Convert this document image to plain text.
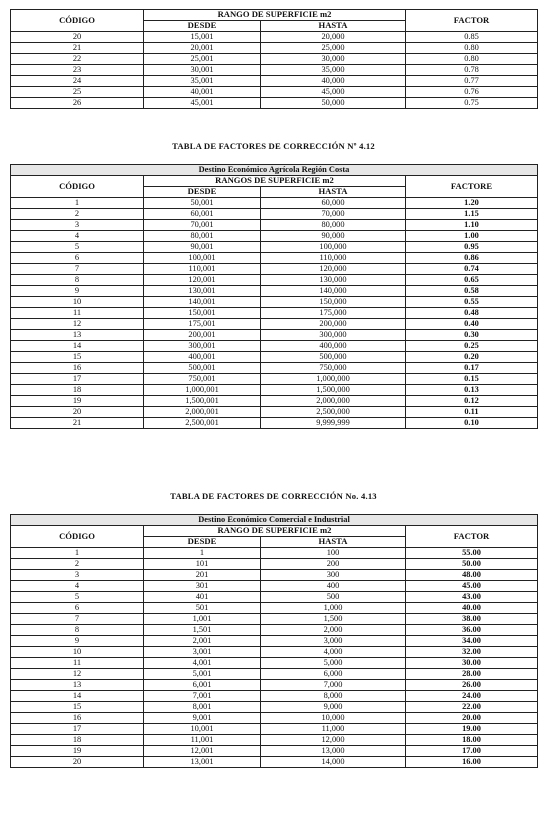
CÓDIGO	RANGO DE SUPERFICIE m2		FACTOR
	DESDE	HASTA	
20	15,001	20,000	0.85
21	20,001	25,000	0.80
22	25,001	30,000	0.80
23	30,001	35,000	0.78
24	35,001	40,000	0.77
25	40,001	45,000	0.76
26	45,001	50,000	0.75
TABLA DE FACTORES DE CORRECCIÓN Nº 4.12
Destino Económico Agrícola Región Costa			
CÓDIGO	RANGOS DE SUPERFICIE m2		FACTORE
	DESDE	HASTA	
1	50,001	60,000	1.20
2	60,001	70,000	1.15
3	70,001	80,000	1.10
4	80,001	90,000	1.00
5	90,001	100,000	0.95
6	100,001	110,000	0.86
7	110,001	120,000	0.74
8	120,001	130,000	0.65
9	130,001	140,000	0.58
10	140,001	150,000	0.55
11	150,001	175,000	0.48
12	175,001	200,000	0.40
13	200,001	300,000	0.30
14	300,001	400,000	0.25
15	400,001	500,000	0.20
16	500,001	750,000	0.17
17	750,001	1,000,000	0.15
18	1,000,001	1,500,000	0.13
19	1,500,001	2,000,000	0.12
20	2,000,001	2,500,000	0.11
21	2,500,001	9,999,999	0.10
TABLA DE FACTORES DE CORRECCIÓN No. 4.13
Destino Económico Comercial e Industrial			
CÓDIGO	RANGO DE SUPERFICIE m2		FACTOR
	DESDE	HASTA	
1	1	100	55.00
2	101	200	50.00
3	201	300	48.00
4	301	400	45.00
5	401	500	43.00
6	501	1,000	40.00
7	1,001	1,500	38.00
8	1,501	2,000	36.00
9	2,001	3,000	34.00
10	3,001	4,000	32.00
11	4,001	5,000	30.00
12	5,001	6,000	28.00
13	6,001	7,000	26.00
14	7,001	8,000	24.00
15	8,001	9,000	22.00
16	9,001	10,000	20.00
17	10,001	11,000	19.00
18	11,001	12,000	18.00
19	12,001	13,000	17.00
20	13,001	14,000	16.00
